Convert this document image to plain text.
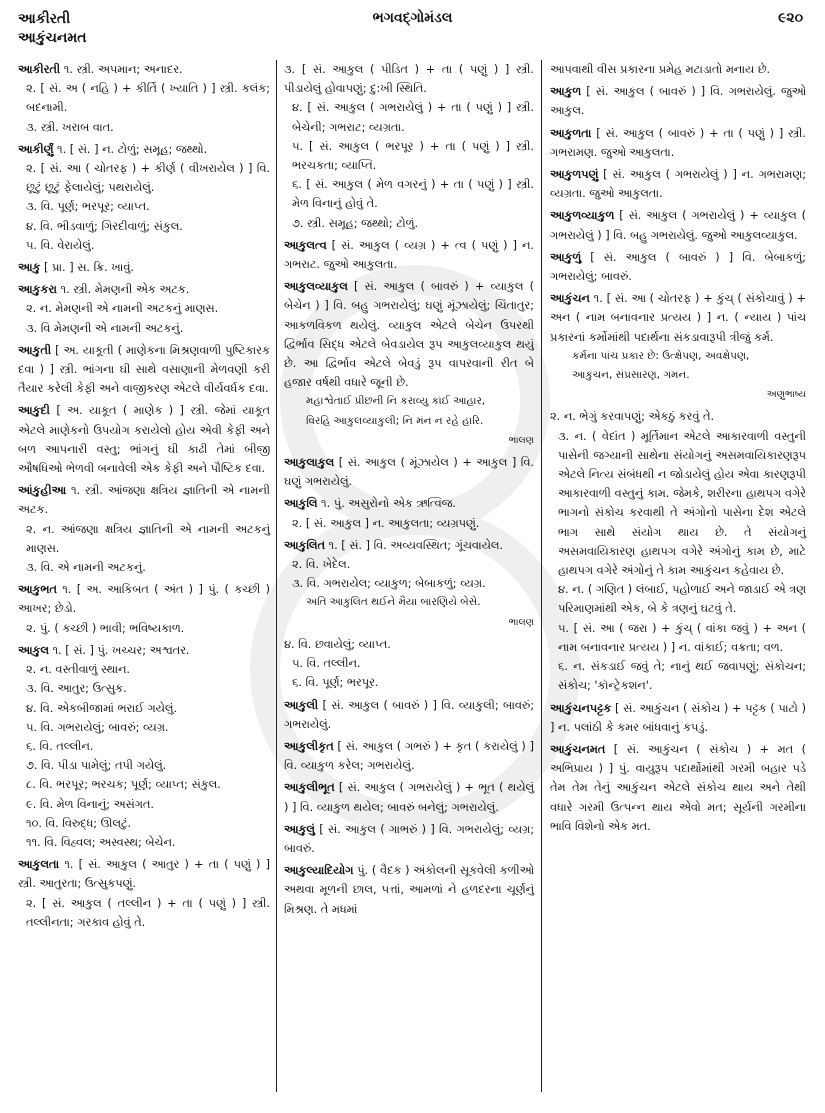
આકીરતી
આકુંચનમત
ભગવદ્ગોમંડલ	૯૨૦

આકીરતી ૧. સ્ત્રી. અપમાન; અનાદર.

૨. [ સં. અ ( નહિ ) + કીર્તિ ( ખ્યાતિ ) ] સ્ત્રી. કલંક; બદનામી.

૩. સ્ત્રી. ખરાબ વાત.

આકીર્ણું ૧. [ સં. ] ન. ટોળું; સમૂહ; જથ્થો.

૨. [ સં. આ ( ચોતરફ ) + કીર્ણ ( વીખરાયેલ ) ] વિ. છૂટું છૂટું ફેલાયેલું; પથરાયેલું.

૩. વિ. પૂર્ણ; ભરપૂર; વ્યાપ્ત.

૪. વિ. ભીડવાળું; ગિરદીવાળું; સંકુલ.

૫. વિ. વેરાયેલું.

આકુ [ પ્રા. ] સ. ક્રિ. ખાવું.

આકુકરા ૧. સ્ત્રી. મેમણની એક અટક.

૨. ન. મેમણની એ નામની અટકનું માણસ.

૩. વિ મેમણની એ નામની અટકનું.

આકુતી [ અ. યાકૂતી ( માણેકના મિશ્રણવાળી પુષ્ટિકારક દવા ) ] સ્ત્રી. ભાંગના ઘી સાથે વસાણાની મેળવણી કરી તૈયાર કરેલી કેફી અને વાજીકરણ એટલે વીર્યવર્ધક દવા.

આકુદી [ અ. યાકૂત ( માણેક ) ] સ્ત્રી. જેમાં યાકૂત એટલે માણેકનો ઉપયોગ કરાયેલો હોય એવી કેફી અને બળ આપનારી વસ્તુ; ભાંગનું ઘી કાઢી તેમાં બીજી ઔષધિઓ ભેળવી બનાવેલી એક કેફી અને પૌષ્ટિક દવા.

આંકુહીઆ ૧. સ્ત્રી. આંજણા ક્ષત્રિય જ્ઞાતિની એ નામની અટક.

૨. ન. આંજણા ક્ષત્રિય જ્ઞાતિની એ નામની અટકનું માણસ.

૩. વિ. એ નામની અટકનું.

આકુભત ૧. [ અ. આકિબત ( અંત ) ] પું. ( કચ્છી ) આખર; છેડો.

૨. પું. ( કચ્છી ) ભાવી; ભવિષ્યકાળ.

આકુલ ૧. [ સં. ] પું. ખચ્ચર; અશ્વતર.

૨. ન. વસ્તીવાળું સ્થાન.

૩. વિ. આતુર; ઉત્સુક.

૪. વિ. એકબીજામાં ભરાઈ ગયેલું.

૫. વિ. ગભરાયેલું; બાવરું; વ્યગ્ર.

૬. વિ. તલ્લીન.

૭. વિ. પીડા પામેલું; તપી ગયેલું.

૮. વિ. ભરપૂર; ભરચક; પૂર્ણ; વ્યાપ્ત; સંકુલ.

૯. વિ. મેળ વિનાનું; અસંગત.

૧૦. વિ. વિરુદ્ધ; ઊલટું.

૧૧. વિ. વિહ્વલ; અસ્વસ્થ; બેચેન.

આકુલતા ૧. [ સં. આકુલ ( આતુર ) + તા ( પણું ) ] સ્ત્રી. આતુરતા; ઉત્સુકપણું.

૨. [ સં. આકુલ ( તલ્લીન ) + તા ( પણું ) ] સ્ત્રી. તલ્લીનતા; ગરકાવ હોવું તે.

૩. [ સં. આકુલ ( પીડિત ) + તા ( પણું ) ] સ્ત્રી. પીડાયેલું હોવાપણું; દુ:ખી સ્થિતિ.

૪. [ સં. આકુલ ( ગભરાયેલું ) + તા ( પણું ) ] સ્ત્રી. બેચેની; ગભરાટ; વ્યગ્રતા.

૫. [ સં. આકુલ ( ભરપૂર ) + તા ( પણું ) ] સ્ત્રી. ભરચકતા; વ્યાપ્તિ.

૬. [ સં. આકુલ ( મેળ વગરનું ) + તા ( પણું ) ] સ્ત્રી. મેળ વિનાનું હોવું તે.

૭. સ્ત્રી. સમૂહ; જથ્થો; ટોળું.

આકુલત્વ [ સં. આકુલ ( વ્યગ્ર ) + ત્વ ( પણું ) ] ન. ગભરાટ. જુઓ આકુલતા.

આકુલવ્યાકુલ [ સં. આકુલ ( બાવરું ) + વ્યાકુલ ( બેચેન ) ] વિ. બહુ ગભરાયેલું; ઘણું મૂંઝાયેલું; ચિંતાતુર; આકળવિકળ થયેલું. વ્યાકુલ એટલે બેચેન ઉપરથી દ્વિર્ભાવ સિદ્ધ એટલે બેવડાયેલ રૂપ આકુલવ્યાકુલ થયું છે. આ દ્વિર્ભાવ એટલે બેવડું રૂપ વાપરવાની રીત બે હજાર વર્ષથી વધારે જૂની છે.

મહાશ્વેતાઈ પ્રીછની નિ કરાવ્યુ કાંઈ આહાર,

વિરહિ આકુલવ્યાકુલી; નિ મંન ન રહે હારિ.

ભાલણ

આકુલાકુલ [ સં. આકુલ ( મૂંઝાયેલ ) + આકુલ ] વિ. ઘણું ગભરાયેલું.

આકુલિ ૧. પું. અસુરોનો એક ઋત્વિજ.

૨. [ સં. આકુલ ] ન. આકુલતા; વ્યગ્રપણું.

આકુલિત ૧. [ સં. ] વિ. અવ્યવસ્થિત; ગૂંચવાયેલ.

૨. વિ. ખેદેલ.

૩. વિ. ગભરાયેલ; વ્યાકુળ; બેબાકળું; વ્યગ્ર.

અતિ આકુલિત થઈને મૈયા બારણિયે બેસે.

ભાલણ

૪. વિ. છવાયેલું; વ્યાપ્ત.

૫. વિ. તલ્લીન.

૬. વિ. પૂર્ણ; ભરપૂર.

આકુલી [ સં. આકુલ ( બાવરું ) ] વિ. વ્યાકુલી; બાવરું; ગભરાયેલું.

આકુલીકૃત [ સં. આકુલ ( ગભરું ) + કૃત ( કરાયેલું ) ] વિ. વ્યાકુળ કરેલ; ગભરાયેલું.

આકુલીભૂત [ સં. આકુલ ( ગભરાયેલું ) + ભૂત ( થયેલું ) ] વિ. વ્યાકુળ થયેલ; બાવરું બનેલું; ગભરાયેલું.

આકુલું [ સં. આકુલ ( ગાભરું ) ] વિ. ગભરાયેલું; વ્યગ્ર; બાવરું.

આકુલ્યાદિયોગ પું. ( વૈદક ) અંકોલની સૂકવેલી કળીઓ અથવા મૂળની છાલ, પત્તાં, આમળાં ને હળદરના ચૂર્ણનું મિશ્રણ. તે મધમાં

આપવાથી વીસ પ્રકારના પ્રમેહ મટાડાતો મનાય છે.

આકુળ [ સં. આકુલ ( બાવરું ) ] વિ. ગભરાયેલું. જુઓ આકુલ.

આકુળતા [ સં. આકુલ ( બાવરું ) + તા ( પણું ) ] સ્ત્રી. ગભરામણ. જુઓ આકુલતા.

આકુળપણું [ સં. આકુલ ( ગભરાયેલું ) ] ન. ગભરામણ; વ્યગ્રતા. જુઓ આકુલતા.

આકુળવ્યાકુળ [ સં. આકુલ ( ગભરાયેલું ) + વ્યાકુલ ( ગભરાયેલું ) ] વિ. બહુ ગભરાયેલું. જુઓ આકુલવ્યાકુલ.

આકુળું [ સં. આકુલ ( બાવરું ) ] વિ. બેબાકળું; ગભરાયેલું; બાવરું.

આકુંચન ૧. [ સં. આ ( ચોતરફ ) + કુંચ્ ( સંકોચાવું ) + અન ( નામ બનાવનાર પ્રત્યય ) ] ન. ( ન્યાય ) પાંચ પ્રકારનાં કર્મોમાંથી પદાર્થના સંકડાવારૂપી ત્રીજું કર્મ.

કર્મના પાંચ પ્રકાર છે: ઉત્ક્ષેપણ, અવક્ષેપણ,

આકુંચન, સંપ્રસારણ, ગમન.

અણુભાષ્ય

૨. ન. ભેગું કરવાપણું; એકઠું કરવું તે.

૩. ન. ( વેદાંત ) મૂર્તિમાન એટલે આકારવાળી વસ્તુની પાસેની જગ્યાની સાથેના સંયોગનું અસમવાયિકારણરૂપ એટલે નિત્ય સંબંધથી ન જોડાયેલું હોય એવા કારણરૂપી આકારવાળી વસ્તુનું કામ. જેમકે, શરીરના હાથપગ વગેરે ભાગનો સંકોચ કરવાથી તે અંગોનો પાસેના દેશ એટલે ભાગ સાથે સંયોગ થાય છે. તે સંયોગનું અસમવાયિકારણ હાથપગ વગેરે અંગોનું કામ છે, માટે હાથપગ વગેરે અંગોનું તે કામ આકુંચન કહેવાય છે.

૪. ન. ( ગણિત ) લંબાઈ, પહોળાઈ અને જાડાઈ એ ત્રણ પરિમાણમાંથી એક, બે કે ત્રણનું ઘટવું તે.

૫. [ સં. આ ( જરા ) + કુંચ્ ( વાંકા જવું ) + અન ( નામ બનાવનાર પ્રત્યય ) ] ન. વાંકાઈ; વક્રતા; વળ.

૬. ન. સંકડાઈ જવું તે; નાનું થઈ જવાપણું; સંકોચન; સંકોચ; 'કૉન્ટ્રેકશન'.

આકુંચનપટ્ટક [ સં. આકુંચન ( સંકોચ ) + પટ્ટક ( પાટો ) ] ન. પલાંઠી કે કમર બાંધવાનું કપડું.

આકુંચનમત [ સં. આકુંચન ( સંકોચ ) + મત ( અભિપ્રાય ) ] પું. વાયુરૂપ પદાર્થોમાંથી ગરમી બહાર પડે તેમ તેમ તેનું આકુંચન એટલે સંકોચ થાય અને તેથી વધારે ગરમી ઉત્પન્ન થાય એવો મત; સૂર્યની ગરમીના ભાવિ વિશેનો એક મત.
